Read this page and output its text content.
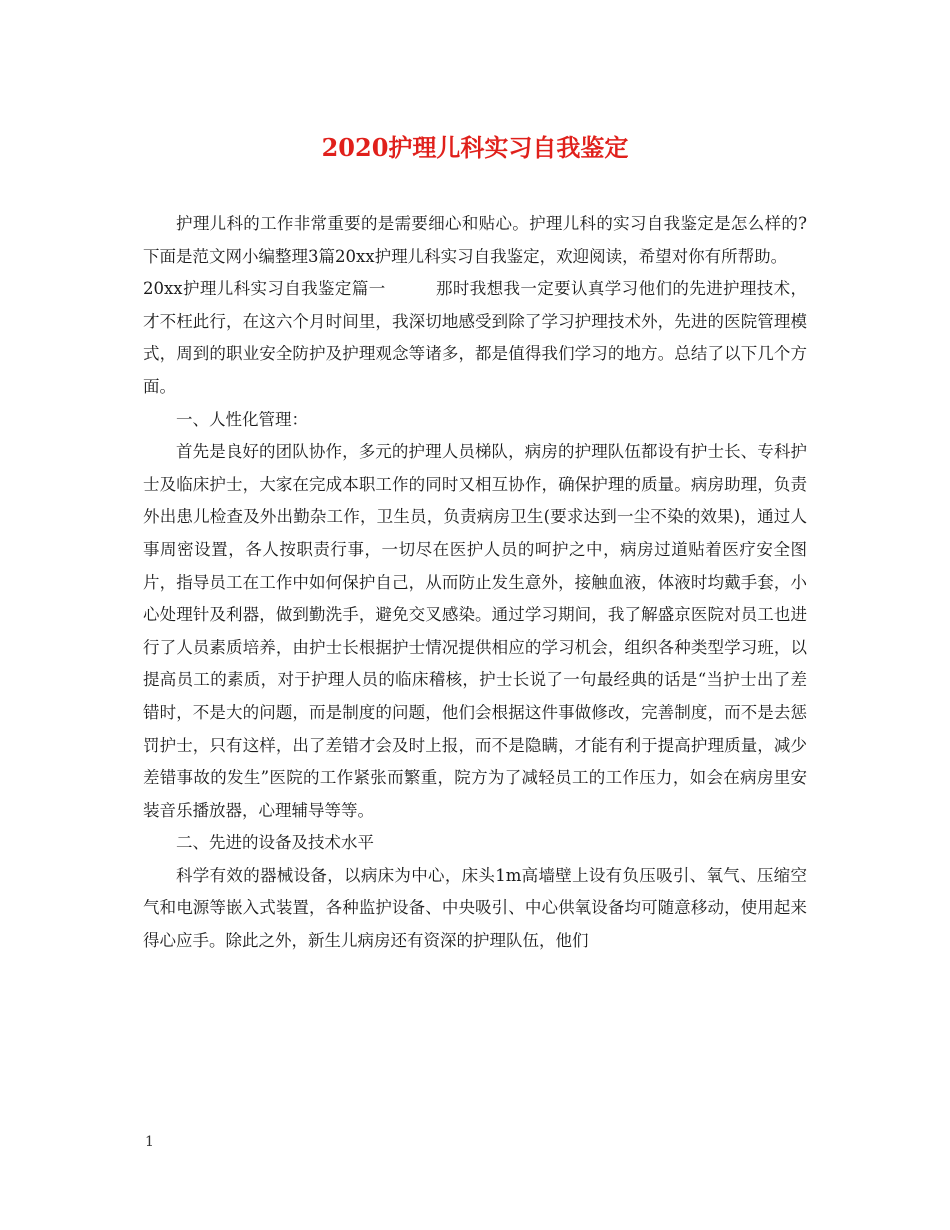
2020护理儿科实习自我鉴定

护理儿科的工作非常重要的是需要细心和贴心。护理儿科的实习自我鉴定是怎么样的?下面是范文网小编整理3篇20xx护理儿科实习自我鉴定，欢迎阅读，希望对你有所帮助。

20xx护理儿科实习自我鉴定篇一	那时我想我一定要认真学习他们的先进护理技术，才不枉此行，在这六个月时间里，我深切地感受到除了学习护理技术外，先进的医院管理模式，周到的职业安全防护及护理观念等诸多，都是值得我们学习的地方。总结了以下几个方面。

一、人性化管理：

首先是良好的团队协作，多元的护理人员梯队，病房的护理队伍都设有护士长、专科护士及临床护士，大家在完成本职工作的同时又相互协作，确保护理的质量。病房助理，负责外出患儿检查及外出勤杂工作，卫生员，负责病房卫生(要求达到一尘不染的效果)，通过人事周密设置，各人按职责行事，一切尽在医护人员的呵护之中，病房过道贴着医疗安全图片，指导员工在工作中如何保护自己，从而防止发生意外，接触血液，体液时均戴手套，小心处理针及利器，做到勤洗手，避免交叉感染。通过学习期间，我了解盛京医院对员工也进行了人员素质培养，由护士长根据护士情况提供相应的学习机会，组织各种类型学习班，以提高员工的素质，对于护理人员的临床稽核，护士长说了一句最经典的话是“当护士出了差错时，不是大的问题，而是制度的问题，他们会根据这件事做修改，完善制度，而不是去惩罚护士，只有这样，出了差错才会及时上报，而不是隐瞒，才能有利于提高护理质量，减少差错事故的发生”医院的工作紧张而繁重，院方为了减轻员工的工作压力，如会在病房里安装音乐播放器，心理辅导等等。

二、先进的设备及技术水平

科学有效的器械设备，以病床为中心，床头1m高墙壁上设有负压吸引、氧气、压缩空气和电源等嵌入式装置，各种监护设备、中央吸引、中心供氧设备均可随意移动，使用起来得心应手。除此之外，新生儿病房还有资深的护理队伍，他们

1
